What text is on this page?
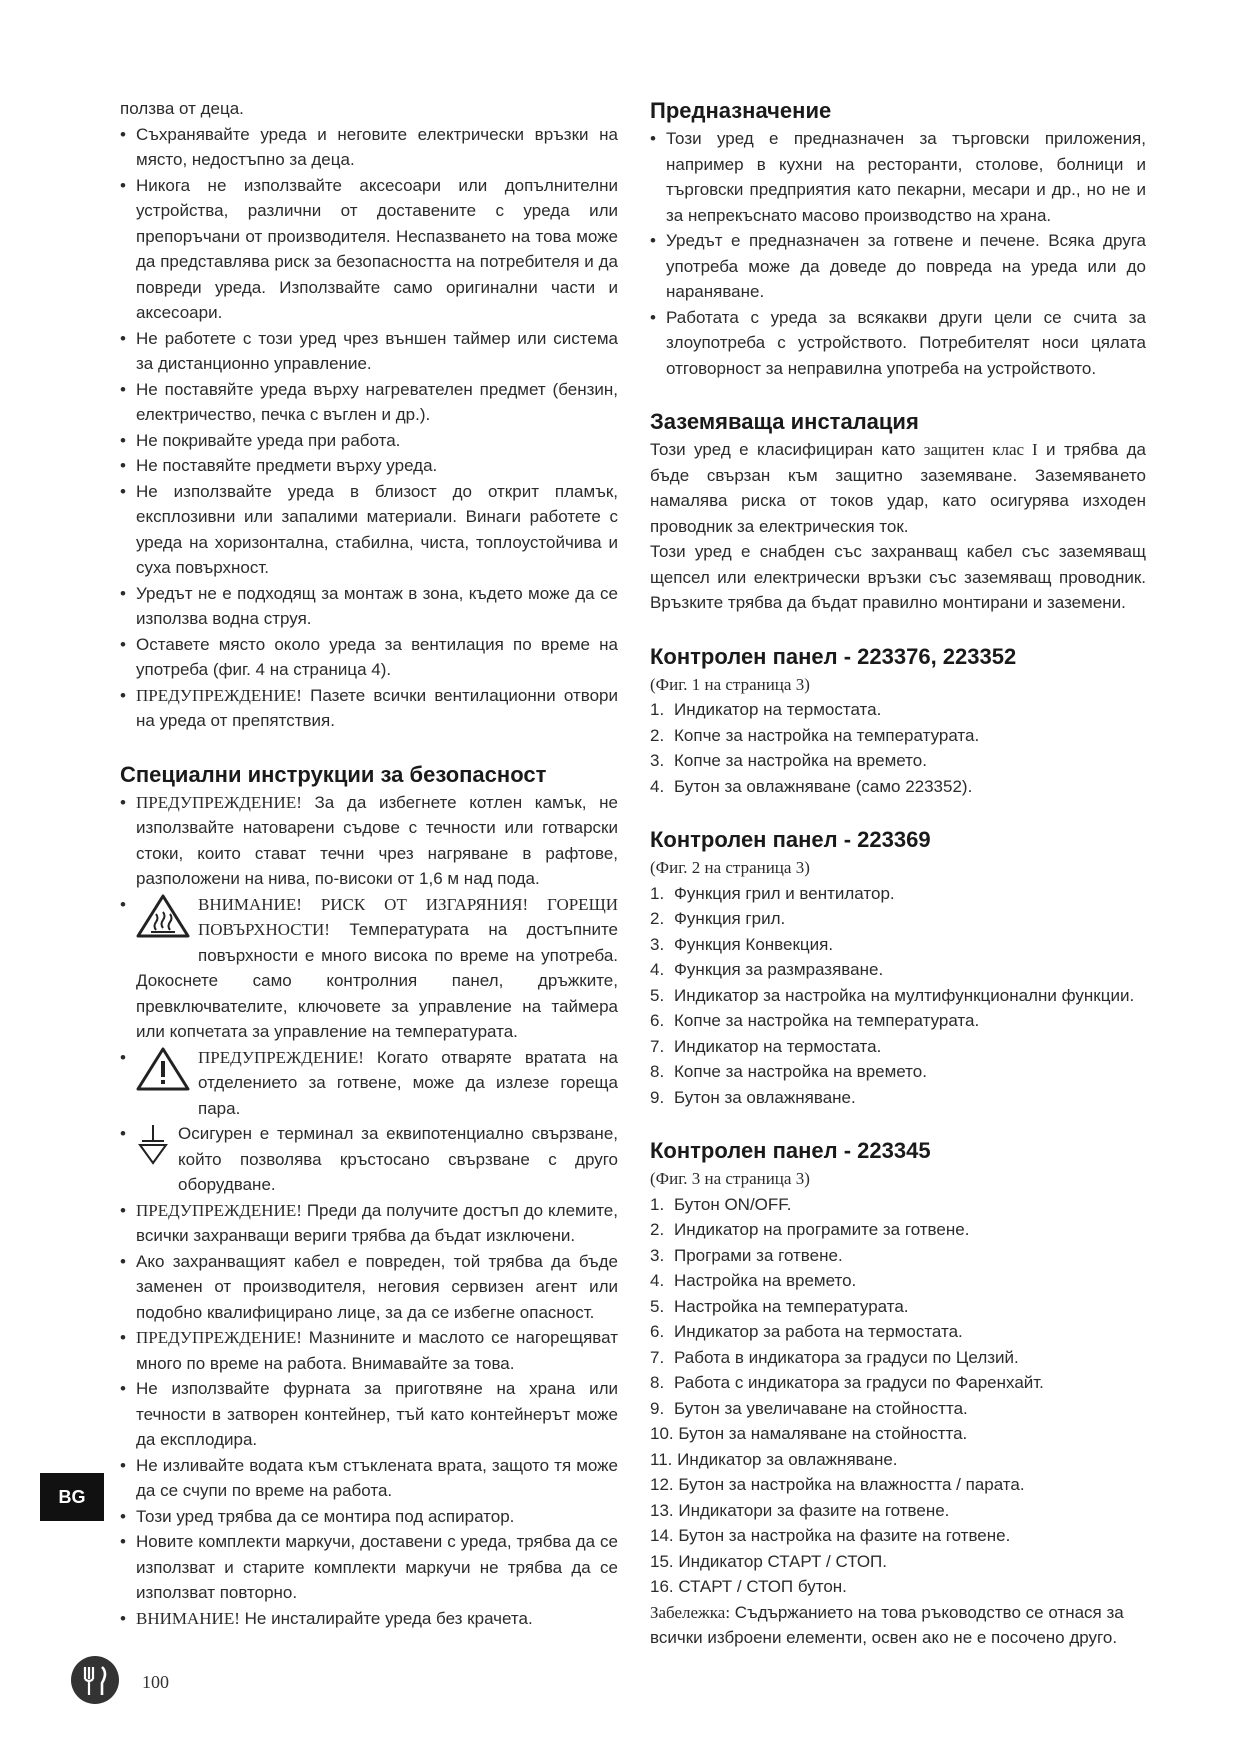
ползва от деца.

• Съхранявайте уреда и неговите електрически връзки на място, недостъпно за деца.
• Никога не използвайте аксесоари или допълнителни устройства, различни от доставените с уреда или препоръчани от производителя. Неспазването на това може да представлява риск за безопасността на потребителя и да повреди уреда. Използвайте само оригинални части и аксесоари.
• Не работете с този уред чрез външен таймер или система за дистанционно управление.
• Не поставяйте уреда върху нагревателен предмет (бензин, електричество, печка с въглен и др.).
• Не покривайте уреда при работа.
• Не поставяйте предмети върху уреда.
• Не използвайте уреда в близост до открит пламък, експлозивни или запалими материали. Винаги работете с уреда на хоризонтална, стабилна, чиста, топлоустойчива и суха повърхност.
• Уредът не е подходящ за монтаж в зона, където може да се използва водна струя.
• Оставете място около уреда за вентилация по време на употреба (фиг. 4 на страница 4).
• ПРЕДУПРЕЖДЕНИЕ! Пазете всички вентилационни отвори на уреда от препятствия.
Специални инструкции за безопасност
• ПРЕДУПРЕЖДЕНИЕ! За да избегнете котлен камък, не използвайте натоварени съдове с течности или готварски стоки, които стават течни чрез нагряване в рафтове, разположени на нива, по-високи от 1,6 м над пода.
• ВНИМАНИЕ! РИСК ОТ ИЗГАРЯНИЯ! ГОРЕЩИ ПОВЪРХНОСТИ! Температурата на достъпните повърхности е много висока по време на употреба. Докоснете само контролния панел, дръжките, превключвателите, ключовете за управление на таймера или копчетата за управление на температурата.
• ПРЕДУПРЕЖДЕНИЕ! Когато отваряте вратата на отделението за готвене, може да излезе гореща пара.
• Осигурен е терминал за еквипотенциално свързване, който позволява кръстосано свързване с друго оборудване.
• ПРЕДУПРЕЖДЕНИЕ! Преди да получите достъп до клемите, всички захранващи вериги трябва да бъдат изключени.
• Ако захранващият кабел е повреден, той трябва да бъде заменен от производителя, неговия сервизен агент или подобно квалифицирано лице, за да се избегне опасност.
• ПРЕДУПРЕЖДЕНИЕ! Мазнините и маслото се нагорещяват много по време на работа. Внимавайте за това.
• Не използвайте фурната за приготвяне на храна или течности в затворен контейнер, тъй като контейнерът може да експлодира.
• Не изливайте водата към стъклената врата, защото тя може да се счупи по време на работа.
• Този уред трябва да се монтира под аспиратор.
• Новите комплекти маркучи, доставени с уреда, трябва да се използват и старите комплекти маркучи не трябва да се използват повторно.
• ВНИМАНИЕ! Не инсталирайте уреда без крачета.
Предназначение
• Този уред е предназначен за търговски приложения, например в кухни на ресторанти, столове, болници и търговски предприятия като пекарни, месари и др., но не и за непрекъснато масово производство на храна.
• Уредът е предназначен за готвене и печене. Всяка друга употреба може да доведе до повреда на уреда или до нараняване.
• Работата с уреда за всякакви други цели се счита за злоупотреба с устройството. Потребителят носи цялата отговорност за неправилна употреба на устройството.
Заземяваща инсталация

Този уред е класифициран като защитен клас I и трябва да бъде свързан към защитно заземяване. Заземяването намалява риска от токов удар, като осигурява изходен проводник за електрическия ток.

Този уред е снабден със захранващ кабел със заземяващ щепсел или електрически връзки със заземяващ проводник. Връзките трябва да бъдат правилно монтирани и заземени.

Контролен панел - 223376, 223352

(Фиг. 1 на страница 3)

1. Индикатор на термостата.
2. Копче за настройка на температурата.
3. Копче за настройка на времето.
4. Бутон за овлажняване (само 223352).
Контролен панел - 223369

(Фиг. 2 на страница 3)

1. Функция грил и вентилатор.
2. Функция грил.
3. Функция Конвекция.
4. Функция за размразяване.
5. Индикатор за настройка на мултифункционални функции.
6. Копче за настройка на температурата.
7. Индикатор на термостата.
8. Копче за настройка на времето.
9. Бутон за овлажняване.
Контролен панел - 223345

(Фиг. 3 на страница 3)

1. Бутон ON/OFF.
2. Индикатор на програмите за готвене.
3. Програми за готвене.
4. Настройка на времето.
5. Настройка на температурата.
6. Индикатор за работа на термостата.
7. Работа в индикатора за градуси по Целзий.
8. Работа с индикатора за градуси по Фаренхайт.
9. Бутон за увеличаване на стойността.
10. Бутон за намаляване на стойността.
11. Индикатор за овлажняване.
12. Бутон за настройка на влажността / парата.
13. Индикатори за фазите на готвене.
14. Бутон за настройка на фазите на готвене.
15. Индикатор СТАРТ / СТОП.
16. СТАРТ / СТОП бутон.

Забележка: Съдържанието на това ръководство се отнася за всички изброени елементи, освен ако не е посочено друго.

BG
100
